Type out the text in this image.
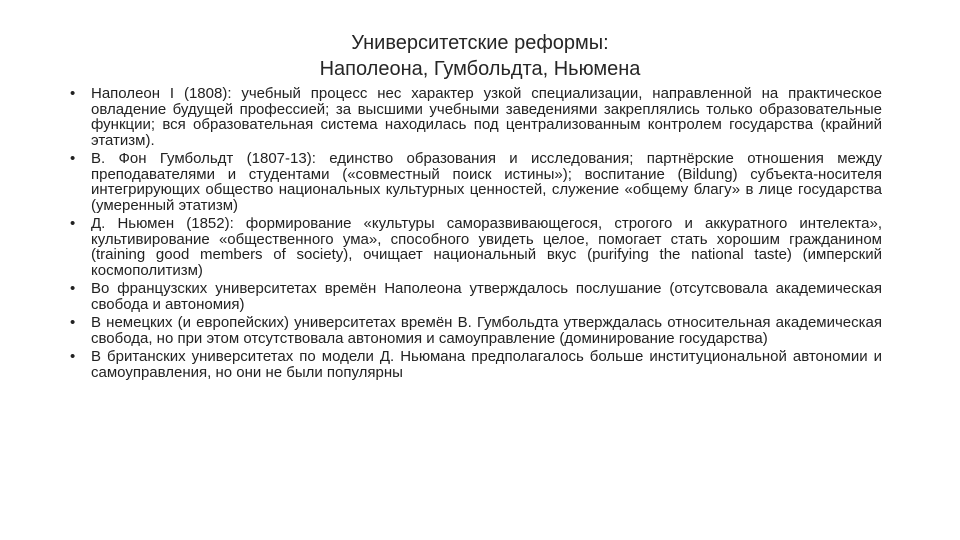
Университетские реформы:
Наполеона, Гумбольдта, Ньюмена
•	Наполеон I (1808): учебный процесс нес характер узкой специализации, направленной на практическое овладение будущей профессией; за высшими учебными заведениями закреплялись только образовательные функции; вся образовательная система находилась под централизованным контролем государства (крайний этатизм).
•	В. Фон Гумбольдт (1807-13): единство образования и исследования; партнёрские отношения между преподавателями и студентами («совместный поиск истины»); воспитание (Bildung) субъекта-носителя интегрирующих общество национальных культурных ценностей, служение «общему благу» в лице государства (умеренный этатизм)
•	Д. Ньюмен (1852): формирование «культуры саморазвивающегося, строгого и аккуратного интелекта», культивирование «общественного ума», способного увидеть целое, помогает стать хорошим гражданином (training good members of society), очищает национальный вкус (purifying the national taste) (имперский космополитизм)
•	Во французских университетах времён Наполеона утверждалось послушание (отсутсвовала академическая свобода и автономия)
•	В немецких (и европейских) университетах времён В. Гумбольдта утверждалась относительная академическая свобода, но при этом отсутствовала автономия и самоуправление (доминирование государства)
•	В британских университетах по модели Д. Ньюмана предполагалось больше институциональной автономии и самоуправления, но они не были популярны
